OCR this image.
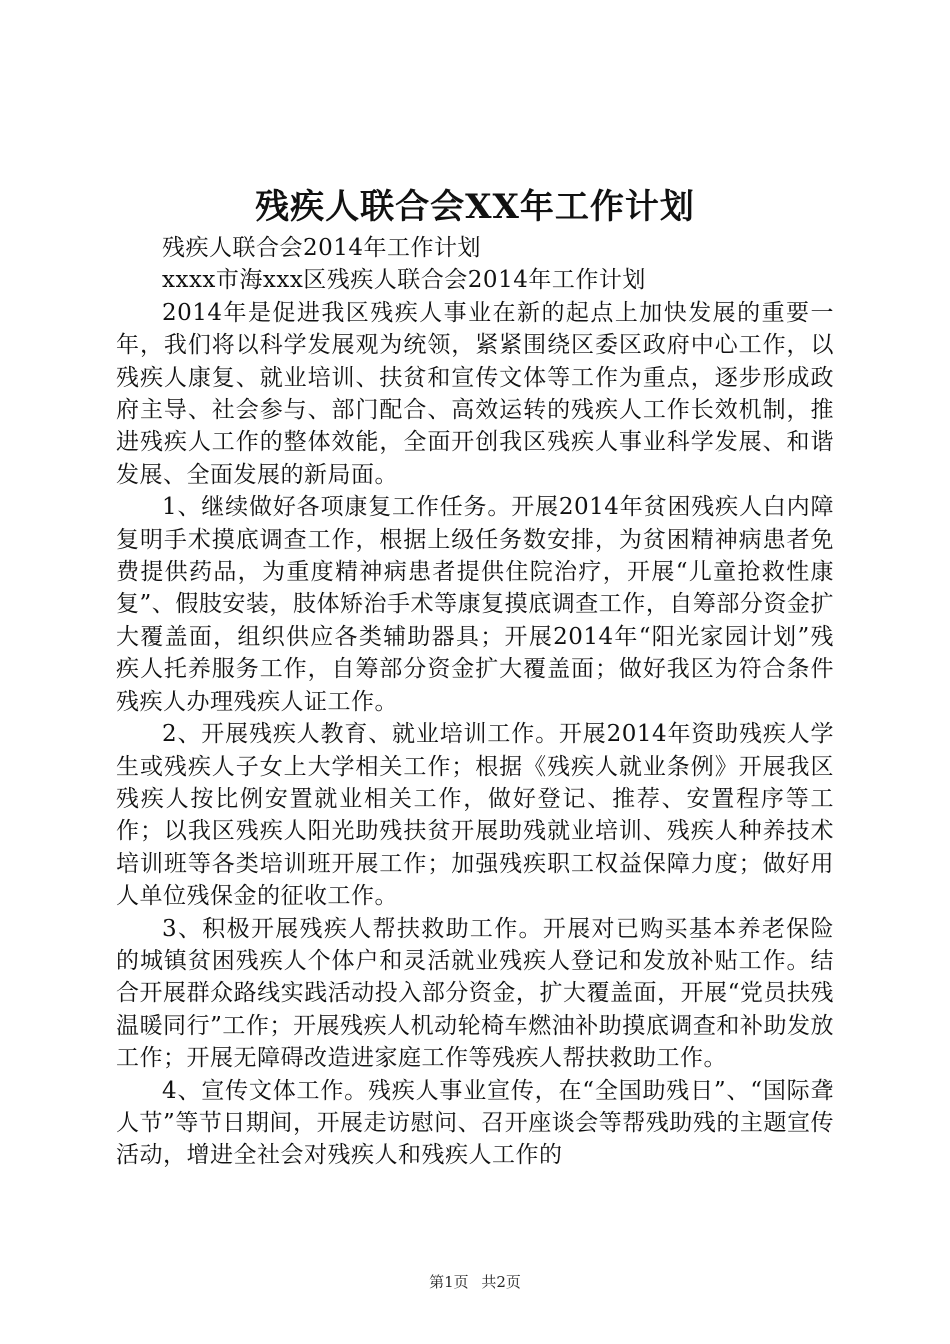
残疾人联合会XX年工作计划

残疾人联合会2014年工作计划

xxxx市海xxx区残疾人联合会2014年工作计划

2014年是促进我区残疾人事业在新的起点上加快发展的重要一年，我们将以科学发展观为统领，紧紧围绕区委区政府中心工作，以残疾人康复、就业培训、扶贫和宣传文体等工作为重点，逐步形成政府主导、社会参与、部门配合、高效运转的残疾人工作长效机制，推进残疾人工作的整体效能，全面开创我区残疾人事业科学发展、和谐发展、全面发展的新局面。

1、继续做好各项康复工作任务。开展2014年贫困残疾人白内障复明手术摸底调查工作，根据上级任务数安排，为贫困精神病患者免费提供药品，为重度精神病患者提供住院治疗，开展“儿童抢救性康复”、假肢安装，肢体矫治手术等康复摸底调查工作，自筹部分资金扩大覆盖面，组织供应各类辅助器具；开展2014年“阳光家园计划”残疾人托养服务工作，自筹部分资金扩大覆盖面；做好我区为符合条件残疾人办理残疾人证工作。

2、开展残疾人教育、就业培训工作。开展2014年资助残疾人学生或残疾人子女上大学相关工作；根据《残疾人就业条例》开展我区残疾人按比例安置就业相关工作，做好登记、推荐、安置程序等工作；以我区残疾人阳光助残扶贫开展助残就业培训、残疾人种养技术培训班等各类培训班开展工作；加强残疾职工权益保障力度；做好用人单位残保金的征收工作。

3、积极开展残疾人帮扶救助工作。开展对已购买基本养老保险的城镇贫困残疾人个体户和灵活就业残疾人登记和发放补贴工作。结合开展群众路线实践活动投入部分资金，扩大覆盖面，开展“党员扶残温暖同行”工作；开展残疾人机动轮椅车燃油补助摸底调查和补助发放工作；开展无障碍改造进家庭工作等残疾人帮扶救助工作。

4、宣传文体工作。残疾人事业宣传，在“全国助残日”、“国际聋人节”等节日期间，开展走访慰问、召开座谈会等帮残助残的主题宣传活动，增进全社会对残疾人和残疾人工作的

第1页 共2页
